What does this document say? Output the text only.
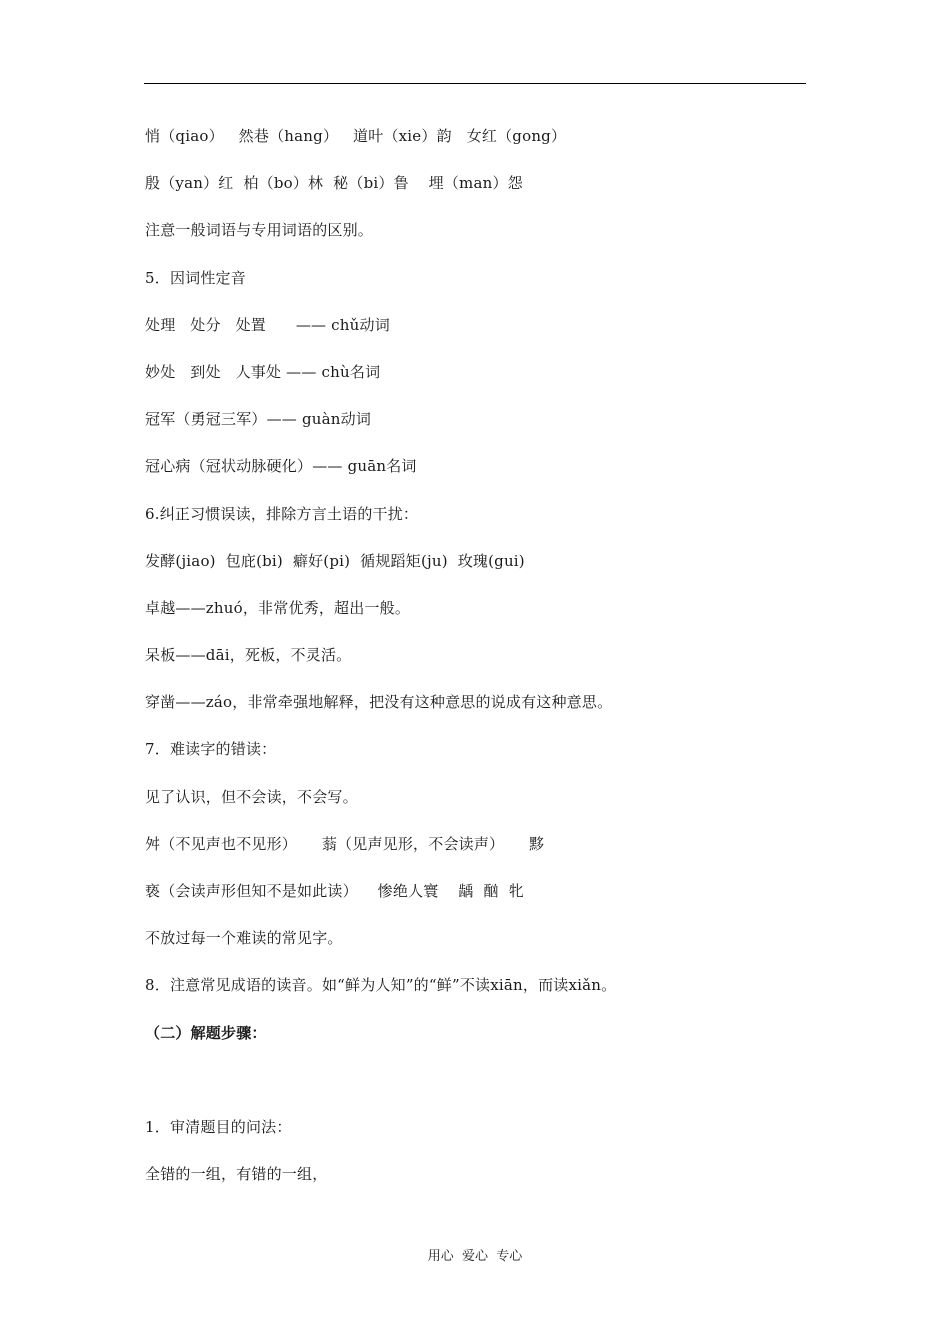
悄（qiao）   然巷（hang）   道叶（xie）韵   女红（gong）
殷（yan）红  柏（bo）林  秘（bi）鲁    埋（man）怨
注意一般词语与专用词语的区别。
5．因词性定音
处理   处分   处置      —— chǔ动词
妙处   到处   人事处 —— chù名词
冠军（勇冠三军）—— guàn动词
冠心病（冠状动脉硬化）—— guān名词
6.纠正习惯误读，排除方言土语的干扰：
发酵(jiao)  包庇(bi)  癖好(pi)  循规蹈矩(ju)  玫瑰(gui)
卓越——zhuó，非常优秀，超出一般。
呆板——dāi，死板，不灵活。
穿凿——záo，非常牵强地解释，把没有这种意思的说成有这种意思。
7．难读字的错读：
见了认识，但不会读，不会写。
舛（不见声也不见形）     蓊（见声见形，不会读声）     黟
亵（会读声形但知不是如此读）    惨绝人寰    龋  酗  牝
不放过每一个难读的常见字。
8．注意常见成语的读音。如“鲜为人知”的“鲜”不读xiān，而读xiǎn。
（二）解题步骤：
1．审清题目的问法：
全错的一组，有错的一组，
用心  爱心  专心
